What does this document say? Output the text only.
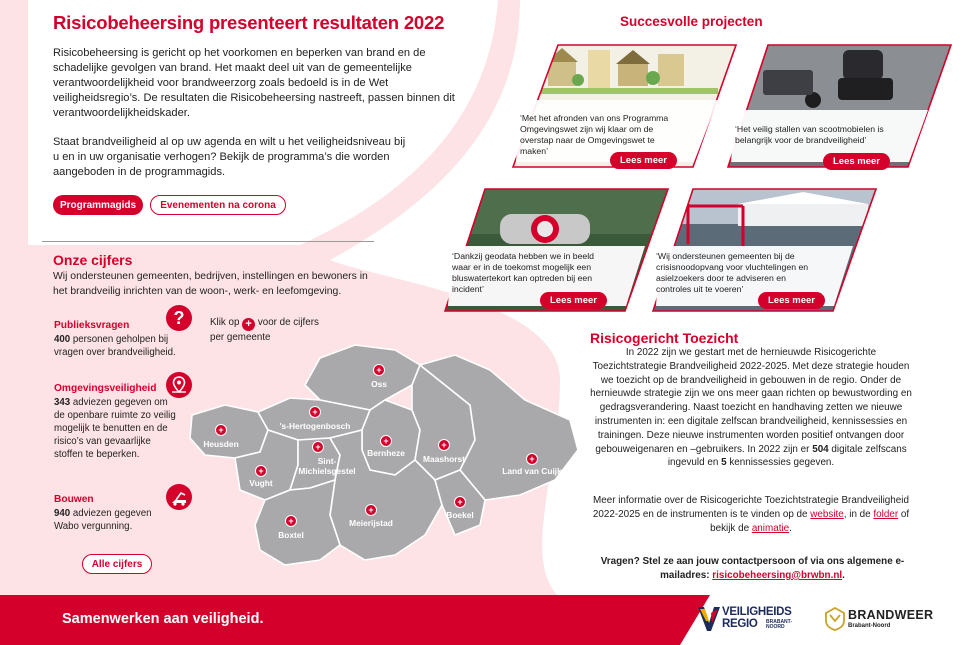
Risicobeheersing presenteert resultaten 2022

Risicobeheersing is gericht op het voorkomen en beperken van brand en de schadelijke gevolgen van brand. Het maakt deel uit van de gemeentelijke verantwoordelijkheid voor brandweerzorg zoals bedoeld is in de Wet veiligheidsregio’s. De resultaten die Risicobeheersing nastreeft, passen binnen dit verantwoordelijkheidskader.

Staat brandveiligheid al op uw agenda en wilt u het veiligheidsniveau bij u en in uw organisatie verhogen? Bekijk de programma’s die worden aangeboden in de programmagids.

Programmagids	Evenementen na corona
Onze cijfers
Wij ondersteunen gemeenten, bedrijven, instellingen en bewoners in het brandveilig inrichten van de woon-, werk- en leefomgeving.
Publieksvragen
400 personen geholpen bij vragen over brandveiligheid.
?
Omgevingsveiligheid
343 adviezen gegeven om de openbare ruimte zo veilig mogelijk te benutten en de risico’s van gevaarlijke stoffen te beperken.
Bouwen
940 adviezen gegeven Wabo vergunning.
Alle cijfers
Klik op + voor de cijfers per gemeente
+
Oss
+
's-Hertogenbosch
+
Heusden	+
Bernheze
+
Maashorst	+
Land van Cuijk
+
Vught
+
Sint-
Michielsgestel
+
Meierijstad
+
Boekel
+
Boxtel
Succesvolle projecten
‘Met het afronden van ons Programma Omgevingswet zijn wij klaar om de overstap naar de Omgevingswet te maken’
Lees meer
‘Het veilig stallen van scootmobielen is belangrijk voor de brandveiligheid’
Lees meer
‘Dankzij geodata hebben we in beeld waar er in de toekomst mogelijk een bluswatertekort kan optreden bij een incident’
Lees meer
‘Wij ondersteunen gemeenten bij de crisisnoodopvang voor vluchtelingen en asielzoekers door te adviseren en controles uit te voeren’
Lees meer
Risicogericht Toezicht
In 2022 zijn we gestart met de hernieuwde Risicogerichte Toezichtstrategie Brandveiligheid 2022-2025. Met deze strategie houden we toezicht op de brandveiligheid in gebouwen in de regio. Onder de hernieuwde strategie zijn we ons meer gaan richten op bewustwording en gedragsverandering. Naast toezicht en handhaving zetten we nieuwe instrumenten in: een digitale zelfscan brandveiligheid, kennissessies en trainingen. Deze nieuwe instrumenten worden positief ontvangen door gebouweigenaren en –gebruikers. In 2022 zijn er 504 digitale zelfscans ingevuld en 5 kennissessies gegeven.
Meer informatie over de Risicogerichte Toezichtstrategie Brandveiligheid 2022-2025 en de instrumenten is te vinden op de website, in de folder of bekijk de animatie.
Vragen? Stel ze aan jouw contactpersoon of via ons algemene e-mailadres: risicobeheersing@brwbn.nl.
Samenwerken aan veiligheid.	VEILIGHEIDS
REGIO BRABANT-NOORD
BRANDWEER
Brabant-Noord
